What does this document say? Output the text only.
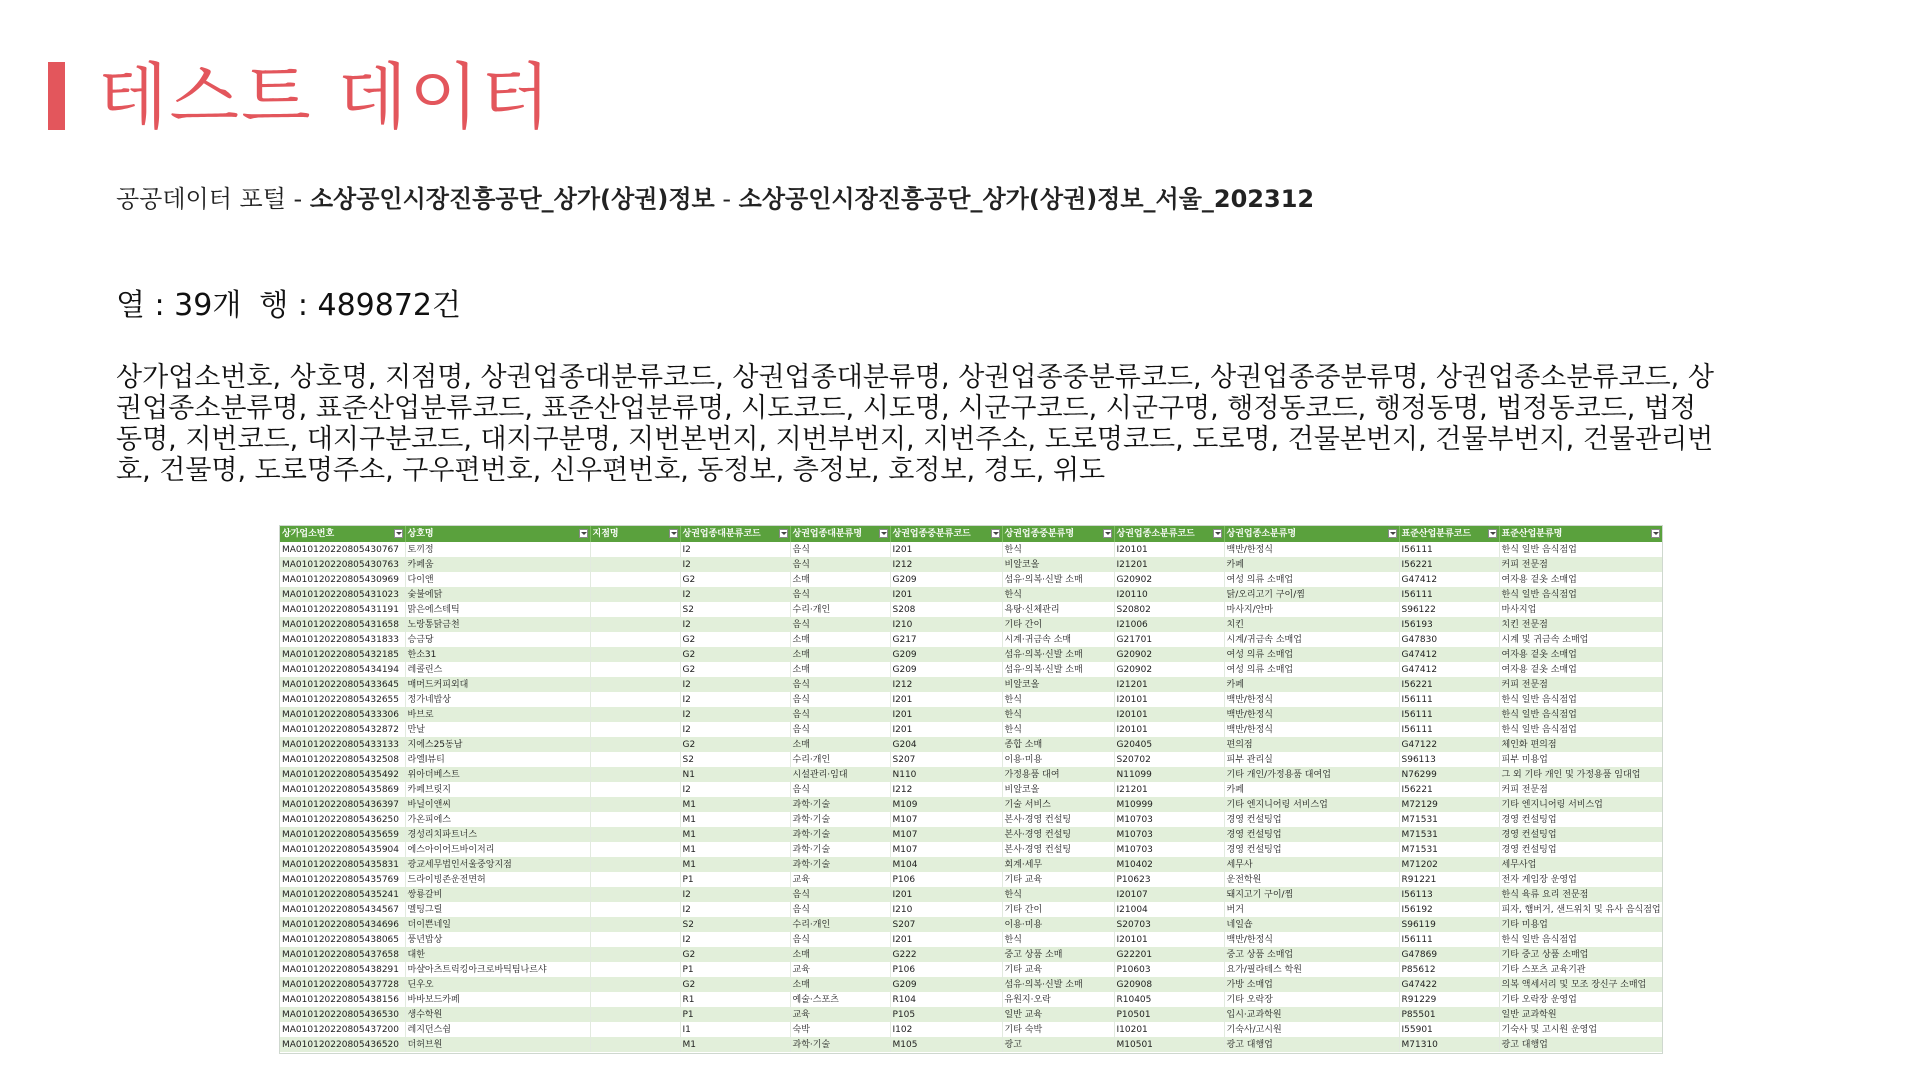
테스트 데이터
공공데이터 포털 - 소상공인시장진흥공단_상가(상권)정보 - 소상공인시장진흥공단_상가(상권)정보_서울_202312
열 : 39개 행 : 489872건
상가업소번호, 상호명, 지점명, 상권업종대분류코드, 상권업종대분류명, 상권업종중분류코드, 상권업종중분류명, 상권업종소분류코드, 상권업종소분류명, 표준산업분류코드, 표준산업분류명, 시도코드, 시도명, 시군구코드, 시군구명, 행정동코드, 행정동명, 법정동코드, 법정동명, 지번코드, 대지구분코드, 대지구분명, 지번본번지, 지번부번지, 지번주소, 도로명코드, 도로명, 건물본번지, 건물부번지, 건물관리번호, 건물명, 도로명주소, 구우편번호, 신우편번호, 동정보, 층정보, 호정보, 경도, 위도
상가업소번호	상호명	지점명	상권업종대분류코드	상권업종대분류명	상권업종중분류코드	상권업종중분류명	상권업종소분류코드	상권업종소분류명	표준산업분류코드	표준산업분류명

MA010120220805430767	토끼정		I2	음식	I201	한식	I20101	백반/한정식	I56111	한식 일반 음식점업
MA010120220805430763	카페움		I2	음식	I212	비알코올	I21201	카페	I56221	커피 전문점
MA010120220805430969	다이앤		G2	소매	G209	섬유·의복·신발 소매	G20902	여성 의류 소매업	G47412	여자용 겉옷 소매업
MA010120220805431023	숯불에닭		I2	음식	I201	한식	I20110	닭/오리고기 구이/찜	I56111	한식 일반 음식점업
MA010120220805431191	맑은에스테틱		S2	수리·개인	S208	욕탕·신체관리	S20802	마사지/안마	S96122	마사지업
MA010120220805431658	노랑통닭금천		I2	음식	I210	기타 간이	I21006	치킨	I56193	치킨 전문점
MA010120220805431833	승금당		G2	소매	G217	시계·귀금속 소매	G21701	시계/귀금속 소매업	G47830	시계 및 귀금속 소매업
MA010120220805432185	한소31		G2	소매	G209	섬유·의복·신발 소매	G20902	여성 의류 소매업	G47412	여자용 겉옷 소매업
MA010120220805434194	레콜린스		G2	소매	G209	섬유·의복·신발 소매	G20902	여성 의류 소매업	G47412	여자용 겉옷 소매업
MA010120220805433645	매머드커피외대		I2	음식	I212	비알코올	I21201	카페	I56221	커피 전문점
MA010120220805432655	정가네밥상		I2	음식	I201	한식	I20101	백반/한정식	I56111	한식 일반 음식점업
MA010120220805433306	바브로		I2	음식	I201	한식	I20101	백반/한정식	I56111	한식 일반 음식점업
MA010120220805432872	만날		I2	음식	I201	한식	I20101	백반/한정식	I56111	한식 일반 음식점업
MA010120220805433133	지에스25동남		G2	소매	G204	종합 소매	G20405	편의점	G47122	체인화 편의점
MA010120220805432508	라엘l뷰티		S2	수리·개인	S207	이용·미용	S20702	피부 관리실	S96113	피부 미용업
MA010120220805435492	위아더베스트		N1	시설관리·임대	N110	가정용품 대여	N11099	기타 개인/가정용품 대여업	N76299	그 외 기타 개인 및 가정용품 임대업
MA010120220805435869	카페브릿지		I2	음식	I212	비알코올	I21201	카페	I56221	커피 전문점
MA010120220805436397	바닐이앤씨		M1	과학·기술	M109	기술 서비스	M10999	기타 엔지니어링 서비스업	M72129	기타 엔지니어링 서비스업
MA010120220805436250	가온피에스		M1	과학·기술	M107	본사·경영 컨설팅	M10703	경영 컨설팅업	M71531	경영 컨설팅업
MA010120220805435659	경성리치파트너스		M1	과학·기술	M107	본사·경영 컨설팅	M10703	경영 컨설팅업	M71531	경영 컨설팅업
MA010120220805435904	에스아이어드바이저리		M1	과학·기술	M107	본사·경영 컨설팅	M10703	경영 컨설팅업	M71531	경영 컨설팅업
MA010120220805435831	광교세무법인서울중앙지점		M1	과학·기술	M104	회계·세무	M10402	세무사	M71202	세무사업
MA010120220805435769	드라이빙존운전면허		P1	교육	P106	기타 교육	P10623	운전학원	R91221	전자 게임장 운영업
MA010120220805435241	쌍룡갈비		I2	음식	I201	한식	I20107	돼지고기 구이/찜	I56113	한식 육류 요리 전문점
MA010120220805434567	멜팅그릴		I2	음식	I210	기타 간이	I21004	버거	I56192	피자, 햄버거, 샌드위치 및 유사 음식점업
MA010120220805434696	더이쁜네일		S2	수리·개인	S207	이용·미용	S20703	네일숍	S96119	기타 미용업
MA010120220805438065	풍년밥상		I2	음식	I201	한식	I20101	백반/한정식	I56111	한식 일반 음식점업
MA010120220805437658	대한		G2	소매	G222	중고 상품 소매	G22201	중고 상품 소매업	G47869	기타 중고 상품 소매업
MA010120220805438291	마샬아츠트릭킹아크로바틱팀나르샤		P1	교육	P106	기타 교육	P10603	요가/필라테스 학원	P85612	기타 스포츠 교육기관
MA010120220805437728	딘우오		G2	소매	G209	섬유·의복·신발 소매	G20908	가방 소매업	G47422	의복 액세서리 및 모조 장신구 소매업
MA010120220805438156	바바보드카페		R1	예술·스포츠	R104	유원지·오락	R10405	기타 오락장	R91229	기타 오락장 운영업
MA010120220805436530	생수학원		P1	교육	P105	일반 교육	P10501	입시·교과학원	P85501	일반 교과학원
MA010120220805437200	레지던스쉼		I1	숙박	I102	기타 숙박	I10201	기숙사/고시원	I55901	기숙사 및 고시원 운영업
MA010120220805436520	더허브원		M1	과학·기술	M105	광고	M10501	광고 대행업	M71310	광고 대행업
